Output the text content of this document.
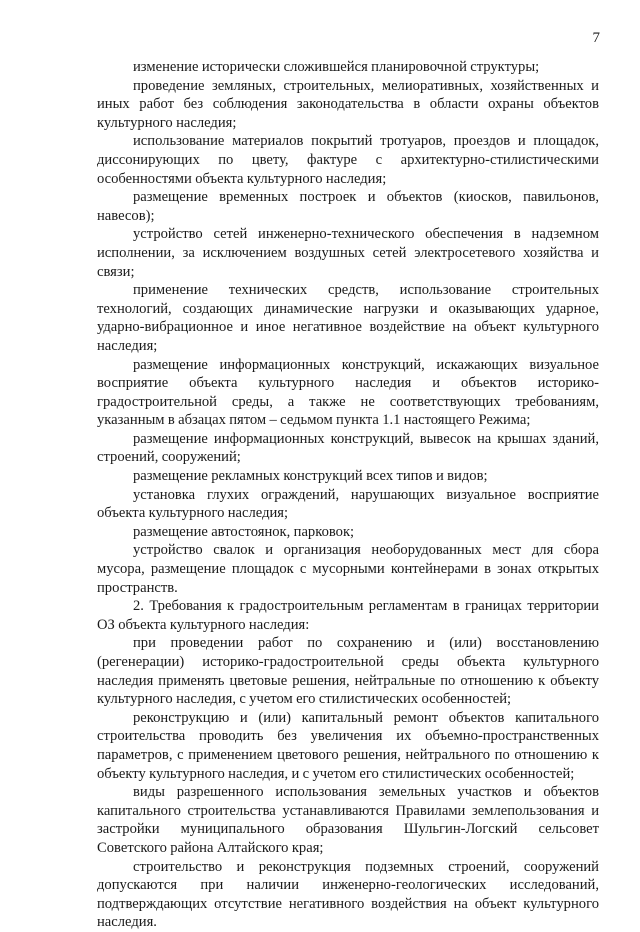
7

изменение исторически сложившейся планировочной структуры;

проведение земляных, строительных, мелиоративных, хозяйственных и иных работ без соблюдения законодательства в области охраны объектов культурного наследия;

использование материалов покрытий тротуаров, проездов и площадок, диссонирующих по цвету, фактуре с архитектурно-стилистическими особенностями объекта культурного наследия;

размещение временных построек и объектов (киосков, павильонов, навесов);

устройство сетей инженерно-технического обеспечения в надземном исполнении, за исключением воздушных сетей электросетевого хозяйства и связи;

применение технических средств, использование строительных технологий, создающих динамические нагрузки и оказывающих ударное, ударно-вибрационное и иное негативное воздействие на объект культурного наследия;

размещение информационных конструкций, искажающих визуальное восприятие объекта культурного наследия и объектов историко-градостроительной среды, а также не соответствующих требованиям, указанным в абзацах пятом – седьмом пункта 1.1 настоящего Режима;

размещение информационных конструкций, вывесок на крышах зданий, строений, сооружений;

размещение рекламных конструкций всех типов и видов;

установка глухих ограждений, нарушающих визуальное восприятие объекта культурного наследия;

размещение автостоянок, парковок;

устройство свалок и организация необорудованных мест для сбора мусора, размещение площадок с мусорными контейнерами в зонах открытых пространств.

2. Требования к градостроительным регламентам в границах территории ОЗ объекта культурного наследия:

при проведении работ по сохранению и (или) восстановлению (регенерации) историко-градостроительной среды объекта культурного наследия применять цветовые решения, нейтральные по отношению к объекту культурного наследия, с учетом его стилистических особенностей;

реконструкцию и (или) капитальный ремонт объектов капитального строительства проводить без увеличения их объемно-пространственных параметров, с применением цветового решения, нейтрального по отношению к объекту культурного наследия, и с учетом его стилистических особенностей;

виды разрешенного использования земельных участков и объектов капитального строительства устанавливаются Правилами землепользования и застройки муниципального образования Шульгин-Логский сельсовет Советского района Алтайского края;

строительство и реконструкция подземных строений, сооружений допускаются при наличии инженерно-геологических исследований, подтверждающих отсутствие негативного воздействия на объект культурного наследия.
